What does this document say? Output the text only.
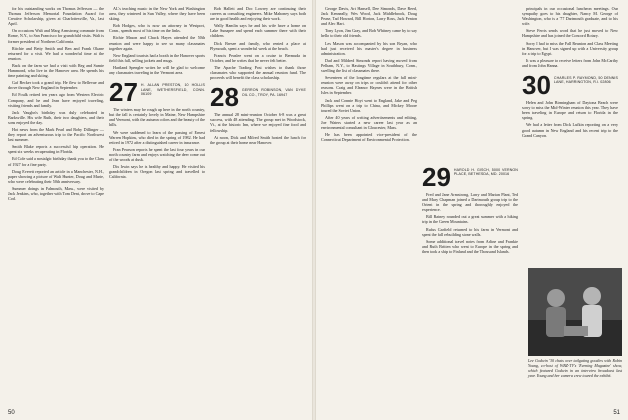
for his outstanding works on Thomas Jefferson — the Thomas Jefferson Memorial Foundation Award for Creative Scholarship, given at Charlottesville, Va., last April.

On occasions Walt and Marg Armstrong commute from Rome, N.Y., to San Francisco for grandchild visits. Walt is former president of Northern California.

Ritchie and Betty Smith and Ben and Frank Okane returned for a visit. We had a wonderful time at the reunion.

Back on the farm we had a visit with Reg and Sumie Hammond, who live in the Hanover area. He spends his time painting and skiing.

Gaf Becker took a grand trip. He flew to Bellevue and drove through New England in September.

Ed Foulk retired ten years ago from Western Electric Company, and he and Jean have enjoyed traveling, visiting friends and family.

Jack Vaughn's birthday was duly celebrated in Barksville. His wife Ruth, their two daughters, and their sons enjoyed the day.

Hot news from the Mark Pearl and Boby Dillinger — they report an adventurous trip to the Pacific Northwest last summer.

Smith Blake reports a successful hip operation. He spent six weeks recuperating in Florida.

Ed Cole said a nostalgic birthday thank you to the Class of 1927 for a fine party.

Doug Everett reported an article in a Manchester, N.H., paper showing a picture of Walt Hunter, Doug and Marie, who were celebrating their 50th anniversary.

Summer doings in Falmouth, Mass., were visited by Jack Jenkins, who, together with Tom Dent, drove to Cape Cod.

AL's teaching music in the New York and Washington area, they wintered in Sun Valley, where they have been skiing.

Bob Hodges, who is now an attorney in Westport, Conn., spends most of his time on the links.

Richie Mason and Chuck Hayes attended the 50th reunion and were happy to see so many classmates together again.

New England tourists had a booth in the Hanover sports field this fall, selling jackets and mugs.

Hartland Spengler writes he will be glad to welcome any classmates traveling in the Vermont area.

27 H. ALLAN PRESTON, 10 HOLLIS LANE, WETHERSFIELD, CONN. 06109

The winters may be rough up here in the north country, but the fall is certainly lovely in Maine, New Hampshire and Vermont, with the autumn colors and the beauty of the hills.

We were saddened to learn of the passing of Ernest Warren Hopkins, who died in the spring of 1982. He had retired in 1972 after a distinguished career in insurance.

Fran Pearson reports he spent the last four years in our north country farm and enjoys watching the deer come out of the woods at dusk.

Dix Irwin says he is healthy and happy. He visited his grandchildren in Oregon last spring and travelled to California.

Bob Hallett and Doc Lowrey are continuing their careers as consulting engineers. Mike Mahoney says both are in good health and enjoying their work.

Wally Hamlin says he and his wife have a home on Lake Sunapee and spend each summer there with their children.

Dick Bresee and family, who rented a place at Plymouth, spent a wonderful week at the beach.

Francis Peaslee went on a cruise to Bermuda in October, and he writes that he never felt better.

The Apache Trading Post wishes to thank those classmates who supported the annual reunion fund. The proceeds will benefit the class scholarship.

28 GERRON ROBINSON, VAN DYKE OIL CO., TROY, PA. 16947

The annual 28 mini-reunion October 6-8 was a great success, with 48 attending. The group met in Woodstock, Vt., at the historic Inn, where we enjoyed fine food and fellowship.

At noon, Dick and Milred Smith hosted the lunch for the group at their home near Hanover.

50

George Davis, Art Hansell, Dee Simonds, Dave Reed, Jack Kenneally, Wes Wood, Jack Middlebrook, Doug Pease, Tad Howard, Bill Horton, Larry Ross, Jack Fenton and Alec Hart.

Tony Lyon, Jim Gray, and Bob Whitney came by to say hello to their old friends.

Les Mason was accompanied by his son Bryan, who had just received his master's degree in business administration.

Dad and Mildred Simonds report having moved from Pelham, N.Y., to Hastings Village in Southbury, Conn., swelling the list of classmates there.

Seventeen of the longtime regulars at the fall mini-reunion were away on trips or couldn't attend for other reasons. Craig and Eleanor Haynes were in the British Isles in September.

Jack and Connie Hoyt went to England, Jake and Peg Phillips went on a trip to China, and Mickey Moore toured the Soviet Union.

After 40 years of writing advertisements and editing, Joe Waters started a new career last year as an environmental consultant in Gloucester, Mass.

He has been appointed vice-president of the Connecticut Department of Environmental Protection.

29 HAROLD H. GISCH, 5000 VERNON PLACE, BETHESDA, MD. 20016

Fred and Jane Armstrong, Larry and Marian Plant, Ted and Mary Chapman joined a Dartmouth group trip to the Orient in the spring and thoroughly enjoyed the experience.

Bill Rainey rounded out a great summer with a hiking trip in the Green Mountains.

Rufus Garfield returned to his farm in Vermont and spent the fall rebuilding stone walls.

Some additional travel notes from Arline and Frankie and Ruth Britten who went to Europe in the spring and then took a ship to Finland and the Thousand Islands.

principals in our occasional luncheon meetings. Our sympathy goes to his daughter, Nancy M. George of Washington, who is a '77 Dartmouth graduate, and to his wife.

Steve Ferris sends word that he just moved to New Hampshire and has joined the Concord Rotary.

Sorry I had to miss the Fall Reunion and Class Meeting in Hanover, but I was signed up with a University group for a trip to Egypt.

It was a pleasure to receive letters from John McCarthy and from John Hanna.

30 CHARLES P. RAYMOND, 50 DENNIS LANE, HARRINGTON, R.I. 02806

Helen and John Birmingham of Daytona Beach were sorry to miss the Mid-Winter reunion this year. They have been traveling in Europe and return to Florida in the spring.

We had a letter from Dick Lufkin reporting on a very good autumn in New England and his recent trip to the Grand Canyon.

Lee Godwin '30 chats over tailgating goodies with Robin Young, co-host of WBZ-TV's 'Evening Magazine' show, which featured Godwin in an interview broadcast last year. Young and her camera crew toured the exhibit.
51
